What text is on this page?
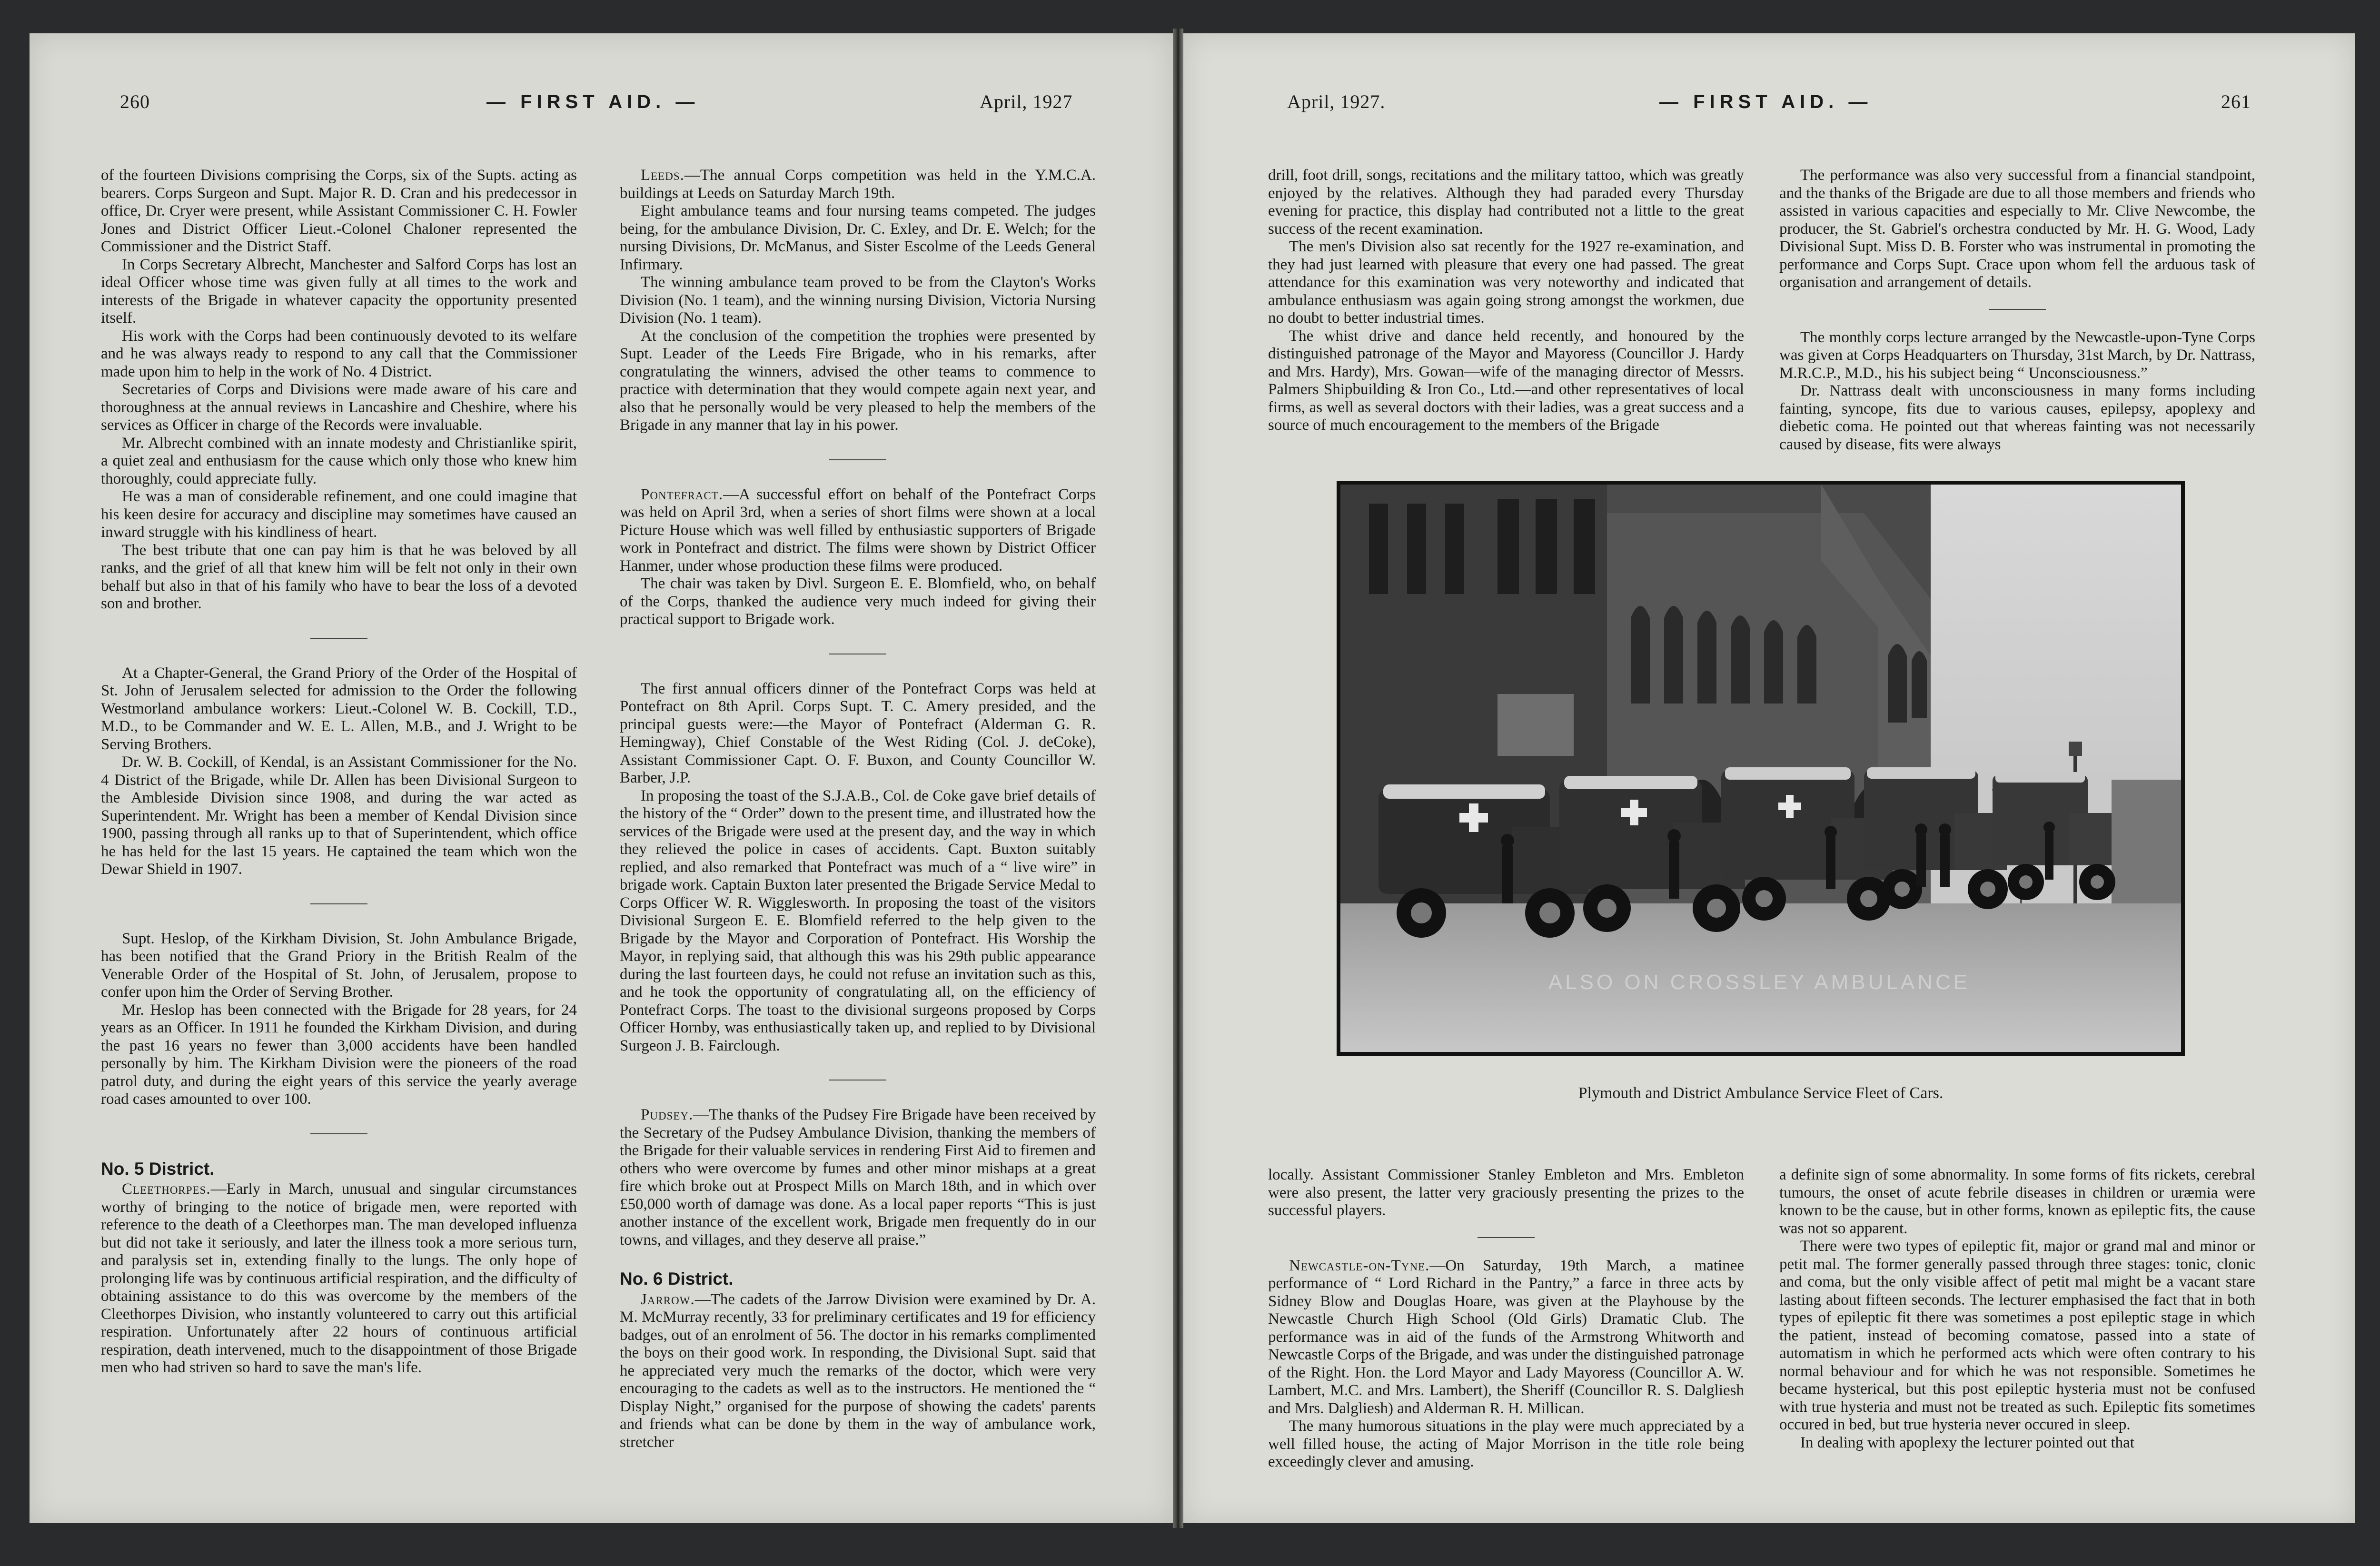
260	— FIRST AID. —	April, 1927

of the fourteen Divisions comprising the Corps, six of the Supts. acting as bearers. Corps Surgeon and Supt. Major R. D. Cran and his predecessor in office, Dr. Cryer were present, while Assistant Commissioner C. H. Fowler Jones and District Officer Lieut.-Colonel Chaloner represented the Commissioner and the District Staff.

In Corps Secretary Albrecht, Manchester and Salford Corps has lost an ideal Officer whose time was given fully at all times to the work and interests of the Brigade in whatever capacity the opportunity presented itself.

His work with the Corps had been continuously devoted to its welfare and he was always ready to respond to any call that the Commissioner made upon him to help in the work of No. 4 District.

Secretaries of Corps and Divisions were made aware of his care and thoroughness at the annual reviews in Lancashire and Cheshire, where his services as Officer in charge of the Records were invaluable.

Mr. Albrecht combined with an innate modesty and Christianlike spirit, a quiet zeal and enthusiasm for the cause which only those who knew him thoroughly, could appreciate fully.

He was a man of considerable refinement, and one could imagine that his keen desire for accuracy and discipline may sometimes have caused an inward struggle with his kindliness of heart.

The best tribute that one can pay him is that he was beloved by all ranks, and the grief of all that knew him will be felt not only in their own behalf but also in that of his family who have to bear the loss of a devoted son and brother.

At a Chapter-General, the Grand Priory of the Order of the Hospital of St. John of Jerusalem selected for admission to the Order the following Westmorland ambulance workers: Lieut.-Colonel W. B. Cockill, T.D., M.D., to be Commander and W. E. L. Allen, M.B., and J. Wright to be Serving Brothers.

Dr. W. B. Cockill, of Kendal, is an Assistant Commissioner for the No. 4 District of the Brigade, while Dr. Allen has been Divisional Surgeon to the Ambleside Division since 1908, and during the war acted as Superintendent. Mr. Wright has been a member of Kendal Division since 1900, passing through all ranks up to that of Superintendent, which office he has held for the last 15 years. He captained the team which won the Dewar Shield in 1907.

Supt. Heslop, of the Kirkham Division, St. John Ambulance Brigade, has been notified that the Grand Priory in the British Realm of the Venerable Order of the Hospital of St. John, of Jerusalem, propose to confer upon him the Order of Serving Brother.

Mr. Heslop has been connected with the Brigade for 28 years, for 24 years as an Officer. In 1911 he founded the Kirkham Division, and during the past 16 years no fewer than 3,000 accidents have been handled personally by him. The Kirkham Division were the pioneers of the road patrol duty, and during the eight years of this service the yearly average road cases amounted to over 100.

No. 5 District.

Cleethorpes.—Early in March, unusual and singular circumstances worthy of bringing to the notice of brigade men, were reported with reference to the death of a Cleethorpes man. The man developed influenza but did not take it seriously, and later the illness took a more serious turn, and paralysis set in, extending finally to the lungs. The only hope of prolonging life was by continuous artificial respiration, and the difficulty of obtaining assistance to do this was overcome by the members of the Cleethorpes Division, who instantly volunteered to carry out this artificial respiration. Unfortunately after 22 hours of continuous artificial respiration, death intervened, much to the disappointment of those Brigade men who had striven so hard to save the man's life.

Leeds.—The annual Corps competition was held in the Y.M.C.A. buildings at Leeds on Saturday March 19th.

Eight ambulance teams and four nursing teams competed. The judges being, for the ambulance Division, Dr. C. Exley, and Dr. E. Welch; for the nursing Divisions, Dr. McManus, and Sister Escolme of the Leeds General Infirmary.

The winning ambulance team proved to be from the Clayton's Works Division (No. 1 team), and the winning nursing Division, Victoria Nursing Division (No. 1 team).

At the conclusion of the competition the trophies were presented by Supt. Leader of the Leeds Fire Brigade, who in his remarks, after congratulating the winners, advised the other teams to commence to practice with determination that they would compete again next year, and also that he personally would be very pleased to help the members of the Brigade in any manner that lay in his power.

Pontefract.—A successful effort on behalf of the Pontefract Corps was held on April 3rd, when a series of short films were shown at a local Picture House which was well filled by enthusiastic supporters of Brigade work in Pontefract and district. The films were shown by District Officer Hanmer, under whose production these films were produced.

The chair was taken by Divl. Surgeon E. E. Blomfield, who, on behalf of the Corps, thanked the audience very much indeed for giving their practical support to Brigade work.

The first annual officers dinner of the Pontefract Corps was held at Pontefract on 8th April. Corps Supt. T. C. Amery presided, and the principal guests were:—the Mayor of Pontefract (Alderman G. R. Hemingway), Chief Constable of the West Riding (Col. J. deCoke), Assistant Commissioner Capt. O. F. Buxon, and County Councillor W. Barber, J.P.

In proposing the toast of the S.J.A.B., Col. de Coke gave brief details of the history of the “ Order” down to the present time, and illustrated how the services of the Brigade were used at the present day, and the way in which they relieved the police in cases of accidents. Capt. Buxton suitably replied, and also remarked that Pontefract was much of a “ live wire” in brigade work. Captain Buxton later presented the Brigade Service Medal to Corps Officer W. R. Wigglesworth. In proposing the toast of the visitors Divisional Surgeon E. E. Blomfield referred to the help given to the Brigade by the Mayor and Corporation of Pontefract. His Worship the Mayor, in replying said, that although this was his 29th public appearance during the last fourteen days, he could not refuse an invitation such as this, and he took the opportunity of congratulating all, on the efficiency of Pontefract Corps. The toast to the divisional surgeons proposed by Corps Officer Hornby, was enthusiastically taken up, and replied to by Divisional Surgeon J. B. Fairclough.

Pudsey.—The thanks of the Pudsey Fire Brigade have been received by the Secretary of the Pudsey Ambulance Division, thanking the members of the Brigade for their valuable services in rendering First Aid to firemen and others who were overcome by fumes and other minor mishaps at a great fire which broke out at Prospect Mills on March 18th, and in which over £50,000 worth of damage was done. As a local paper reports “This is just another instance of the excellent work, Brigade men frequently do in our towns, and villages, and they deserve all praise.”

No. 6 District.

Jarrow.—The cadets of the Jarrow Division were examined by Dr. A. M. McMurray recently, 33 for preliminary certificates and 19 for efficiency badges, out of an enrolment of 56. The doctor in his remarks complimented the boys on their good work. In responding, the Divisional Supt. said that he appreciated very much the remarks of the doctor, which were very encouraging to the cadets as well as to the instructors. He mentioned the “ Display Night,” organised for the purpose of showing the cadets' parents and friends what can be done by them in the way of ambulance work, stretcher

April, 1927.	— FIRST AID. —	261

drill, foot drill, songs, recitations and the military tattoo, which was greatly enjoyed by the relatives. Although they had paraded every Thursday evening for practice, this display had contributed not a little to the great success of the recent examination.

The men's Division also sat recently for the 1927 re-examination, and they had just learned with pleasure that every one had passed. The great attendance for this examination was very noteworthy and indicated that ambulance enthusiasm was again going strong amongst the workmen, due no doubt to better industrial times.

The whist drive and dance held recently, and honoured by the distinguished patronage of the Mayor and Mayoress (Councillor J. Hardy and Mrs. Hardy), Mrs. Gowan—wife of the managing director of Messrs. Palmers Shipbuilding & Iron Co., Ltd.—and other representatives of local firms, as well as several doctors with their ladies, was a great success and a source of much encouragement to the members of the Brigade

The performance was also very successful from a financial standpoint, and the thanks of the Brigade are due to all those members and friends who assisted in various capacities and especially to Mr. Clive Newcombe, the producer, the St. Gabriel's orchestra conducted by Mr. H. G. Wood, Lady Divisional Supt. Miss D. B. Forster who was instrumental in promoting the performance and Corps Supt. Crace upon whom fell the arduous task of organisation and arrangement of details.

The monthly corps lecture arranged by the Newcastle-upon-Tyne Corps was given at Corps Headquarters on Thursday, 31st March, by Dr. Nattrass, M.R.C.P., M.D., his his subject being “ Unconsciousness.”

Dr. Nattrass dealt with unconsciousness in many forms including fainting, syncope, fits due to various causes, epilepsy, apoplexy and diebetic coma. He pointed out that whereas fainting was not necessarily caused by disease, fits were always

locally. Assistant Commissioner Stanley Embleton and Mrs. Embleton were also present, the latter very graciously presenting the prizes to the successful players.

Newcastle-on-Tyne.—On Saturday, 19th March, a matinee performance of “ Lord Richard in the Pantry,” a farce in three acts by Sidney Blow and Douglas Hoare, was given at the Playhouse by the Newcastle Church High School (Old Girls) Dramatic Club. The performance was in aid of the funds of the Armstrong Whitworth and Newcastle Corps of the Brigade, and was under the distinguished patronage of the Right. Hon. the Lord Mayor and Lady Mayoress (Councillor A. W. Lambert, M.C. and Mrs. Lambert), the Sheriff (Councillor R. S. Dalgliesh and Mrs. Dalgliesh) and Alderman R. H. Millican.

The many humorous situations in the play were much appreciated by a well filled house, the acting of Major Morrison in the title role being exceedingly clever and amusing.

a definite sign of some abnormality. In some forms of fits rickets, cerebral tumours, the onset of acute febrile diseases in children or uræmia were known to be the cause, but in other forms, known as epileptic fits, the cause was not so apparent.

There were two types of epileptic fit, major or grand mal and minor or petit mal. The former generally passed through three stages: tonic, clonic and coma, but the only visible affect of petit mal might be a vacant stare lasting about fifteen seconds. The lecturer emphasised the fact that in both types of epileptic fit there was sometimes a post epileptic stage in which the patient, instead of becoming comatose, passed into a state of automatism in which he performed acts which were often contrary to his normal behaviour and for which he was not responsible. Sometimes he became hysterical, but this post epileptic hysteria must not be confused with true hysteria and must not be treated as such. Epileptic fits sometimes occured in bed, but true hysteria never occured in sleep.

In dealing with apoplexy the lecturer pointed out that

ALSO ON CROSSLEY AMBULANCE
Plymouth and District Ambulance Service Fleet of Cars.
